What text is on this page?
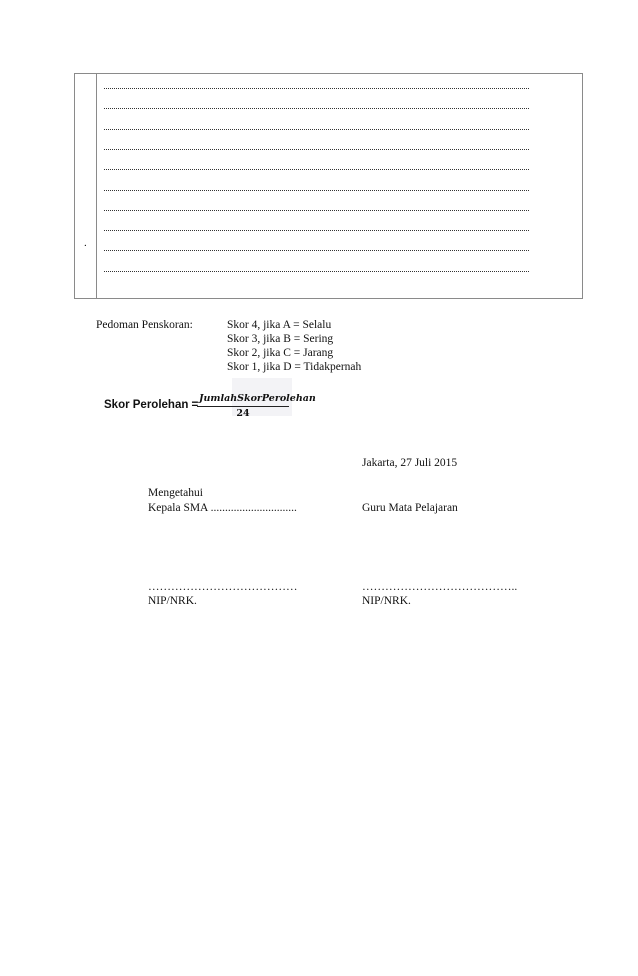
.
Pedoman Penskoran:	Skor 4, jika A = Selalu
Skor 3, jika B = Sering
Skor 2, jika C = Jarang
Skor 1, jika D = Tidakpernah
Skor Perolehan =
JumlahSkorPerolehan
24
Jakarta, 27 Juli 2015
Mengetahui
Kepala SMA ..............................	Guru Mata Pelajaran
…………………………………	…………………………………..
NIP/NRK.	NIP/NRK.
